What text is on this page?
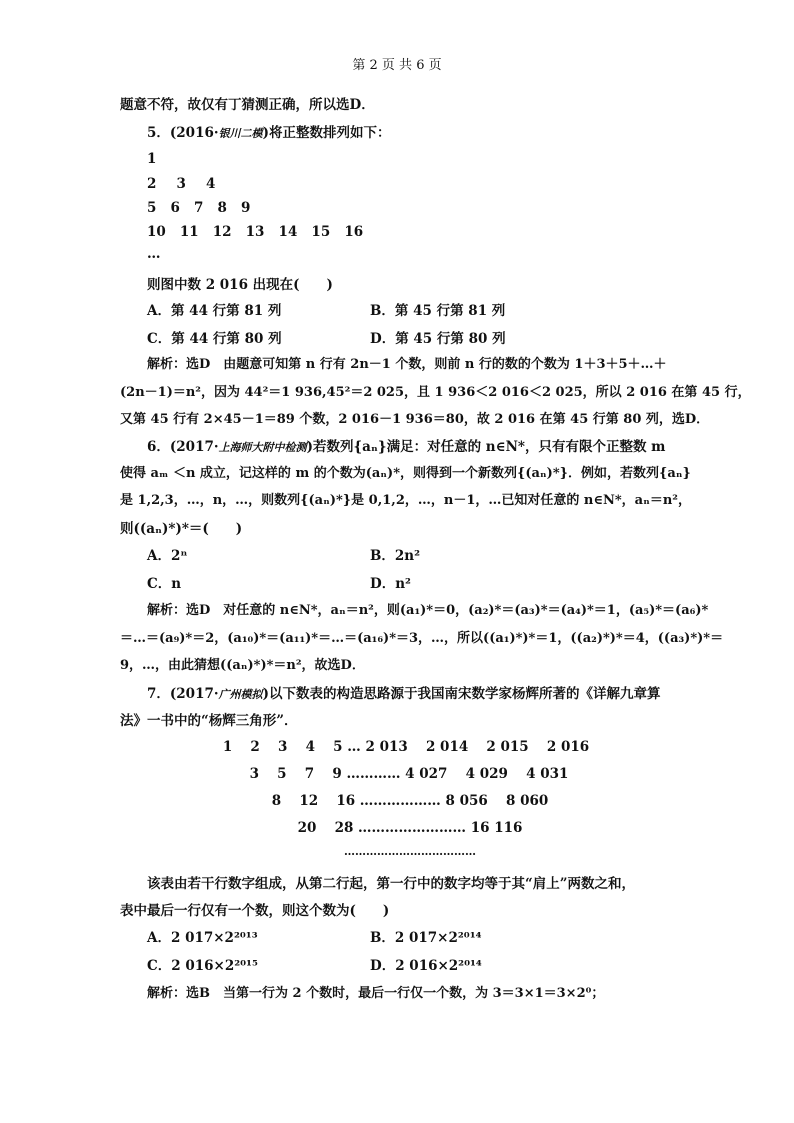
第 2 页 共 6 页
题意不符，故仅有丁猜测正确，所以选D．
5．(2016·银川二模)将正整数排列如下：
1
2   3   4
5   6   7   8   9
10   11   12   13   14   15   16
…
则图中数 2 016 出现在(　　)
A．第 44 行第 81 列	B．第 45 行第 81 列
C．第 44 行第 80 列	D．第 45 行第 80 列
解析：选D　由题意可知第 n 行有 2n－1 个数，则前 n 行的数的个数为 1＋3＋5＋…＋
(2n－1)＝n²，因为 44²＝1 936,45²＝2 025，且 1 936＜2 016＜2 025，所以 2 016 在第 45 行，
又第 45 行有 2×45－1＝89 个数，2 016－1 936＝80，故 2 016 在第 45 行第 80 列，选D．
6．(2017·上海师大附中检测)若数列{aₙ}满足：对任意的 n∈N*，只有有限个正整数 m
使得 aₘ ＜n 成立，记这样的 m 的个数为(aₙ)*，则得到一个新数列{(aₙ)*}．例如，若数列{aₙ}
是 1,2,3，…，n，…，则数列{(aₙ)*}是 0,1,2，…，n－1，…已知对任意的 n∈N*，aₙ＝n²，
则((aₙ)*)*＝(　　)
A．2ⁿ	B．2n²
C．n	D．n²
解析：选D　对任意的 n∈N*，aₙ＝n²，则(a₁)*＝0，(a₂)*＝(a₃)*＝(a₄)*＝1，(a₅)*＝(a₆)*
＝…＝(a₉)*＝2，(a₁₀)*＝(a₁₁)*＝…＝(a₁₆)*＝3，…，所以((a₁)*)*＝1，((a₂)*)*＝4，((a₃)*)*＝
9，…，由此猜想((aₙ)*)*＝n²，故选D．
7．(2017·广州模拟)以下数表的构造思路源于我国南宋数学家杨辉所著的《详解九章算
法》一书中的“杨辉三角形”．
1　 2　 3　 4　 5 … 2 013　 2 014　 2 015　 2 016
3　 5　 7　 9 ………… 4 027　 4 029　 4 031
8　 12　 16 ……………… 8 056　 8 060
20　 28 …………………… 16 116
………………………………
该表由若干行数字组成，从第二行起，第一行中的数字均等于其“肩上”两数之和，
表中最后一行仅有一个数，则这个数为(　　)
A．2 017×2²⁰¹³	B．2 017×2²⁰¹⁴
C．2 016×2²⁰¹⁵	D．2 016×2²⁰¹⁴
解析：选B　当第一行为 2 个数时，最后一行仅一个数，为 3＝3×1＝3×2⁰；
